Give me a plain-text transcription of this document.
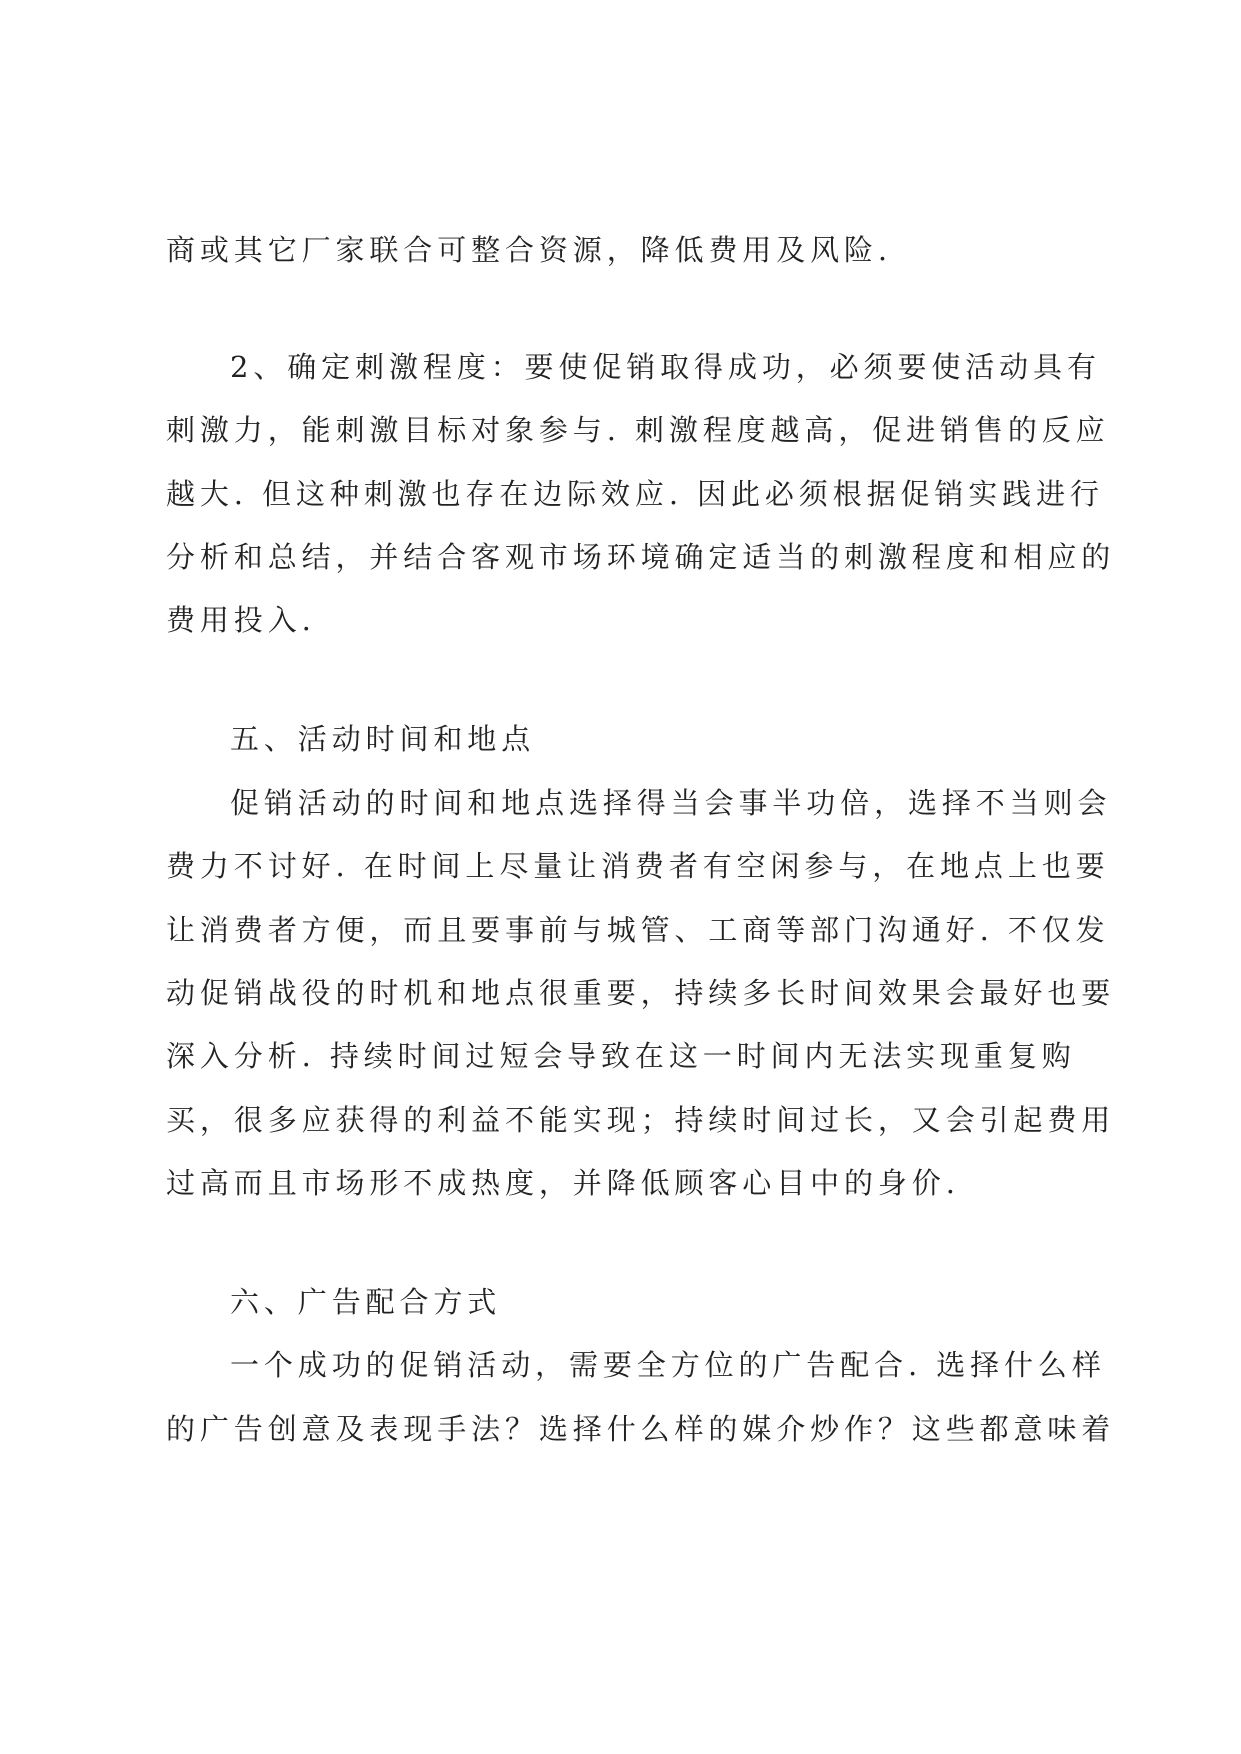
商或其它厂家联合可整合资源，降低费用及风险.
2、确定刺激程度：要使促销取得成功，必须要使活动具有
刺激力，能刺激目标对象参与. 刺激程度越高，促进销售的反应
越大. 但这种刺激也存在边际效应. 因此必须根据促销实践进行
分析和总结，并结合客观市场环境确定适当的刺激程度和相应的
费用投入.
五、活动时间和地点
促销活动的时间和地点选择得当会事半功倍，选择不当则会
费力不讨好. 在时间上尽量让消费者有空闲参与，在地点上也要
让消费者方便，而且要事前与城管、工商等部门沟通好. 不仅发
动促销战役的时机和地点很重要，持续多长时间效果会最好也要
深入分析. 持续时间过短会导致在这一时间内无法实现重复购
买，很多应获得的利益不能实现；持续时间过长，又会引起费用
过高而且市场形不成热度，并降低顾客心目中的身价.
六、广告配合方式
一个成功的促销活动，需要全方位的广告配合. 选择什么样
的广告创意及表现手法？选择什么样的媒介炒作？这些都意味着
